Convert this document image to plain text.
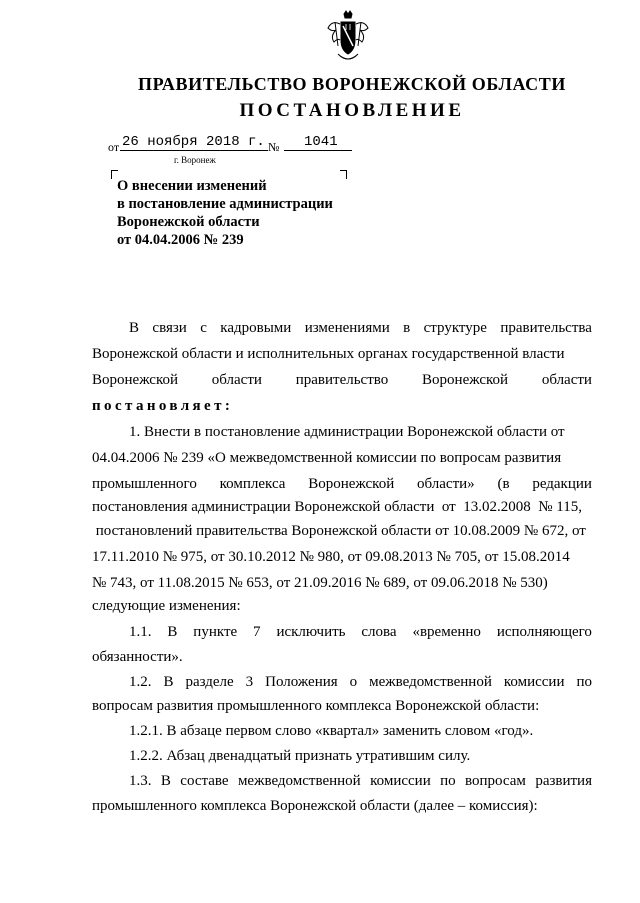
ПРАВИТЕЛЬСТВО ВОРОНЕЖСКОЙ ОБЛАСТИ
ПОСТАНОВЛЕНИЕ
от 26 ноября 2018 г. № 1041
г. Воронеж
О внесении изменений
в постановление администрации
Воронежской области
от 04.04.2006 № 239
В связи с кадровыми изменениями в структуре правительства
Воронежской области и исполнительных органах государственной власти
Воронежской области правительство Воронежской области
постановляет:
1. Внести в постановление администрации Воронежской области от
04.04.2006 № 239 «О межведомственной комиссии по вопросам развития
промышленного комплекса Воронежской области» (в редакции
постановления администрации Воронежской области  от  13.02.2008  № 115,
постановлений правительства Воронежской области от 10.08.2009 № 672, от
17.11.2010 № 975, от 30.10.2012 № 980, от 09.08.2013 № 705, от 15.08.2014
№ 743, от 11.08.2015 № 653, от 21.09.2016 № 689, от 09.06.2018 № 530)
следующие изменения:
1.1. В пункте 7 исключить слова «временно исполняющего
обязанности».
1.2. В разделе 3 Положения о межведомственной комиссии по
вопросам развития промышленного комплекса Воронежской области:
1.2.1. В абзаце первом слово «квартал» заменить словом «год».
1.2.2. Абзац двенадцатый признать утратившим силу.
1.3. В составе межведомственной комиссии по вопросам развития
промышленного комплекса Воронежской области (далее – комиссия):
